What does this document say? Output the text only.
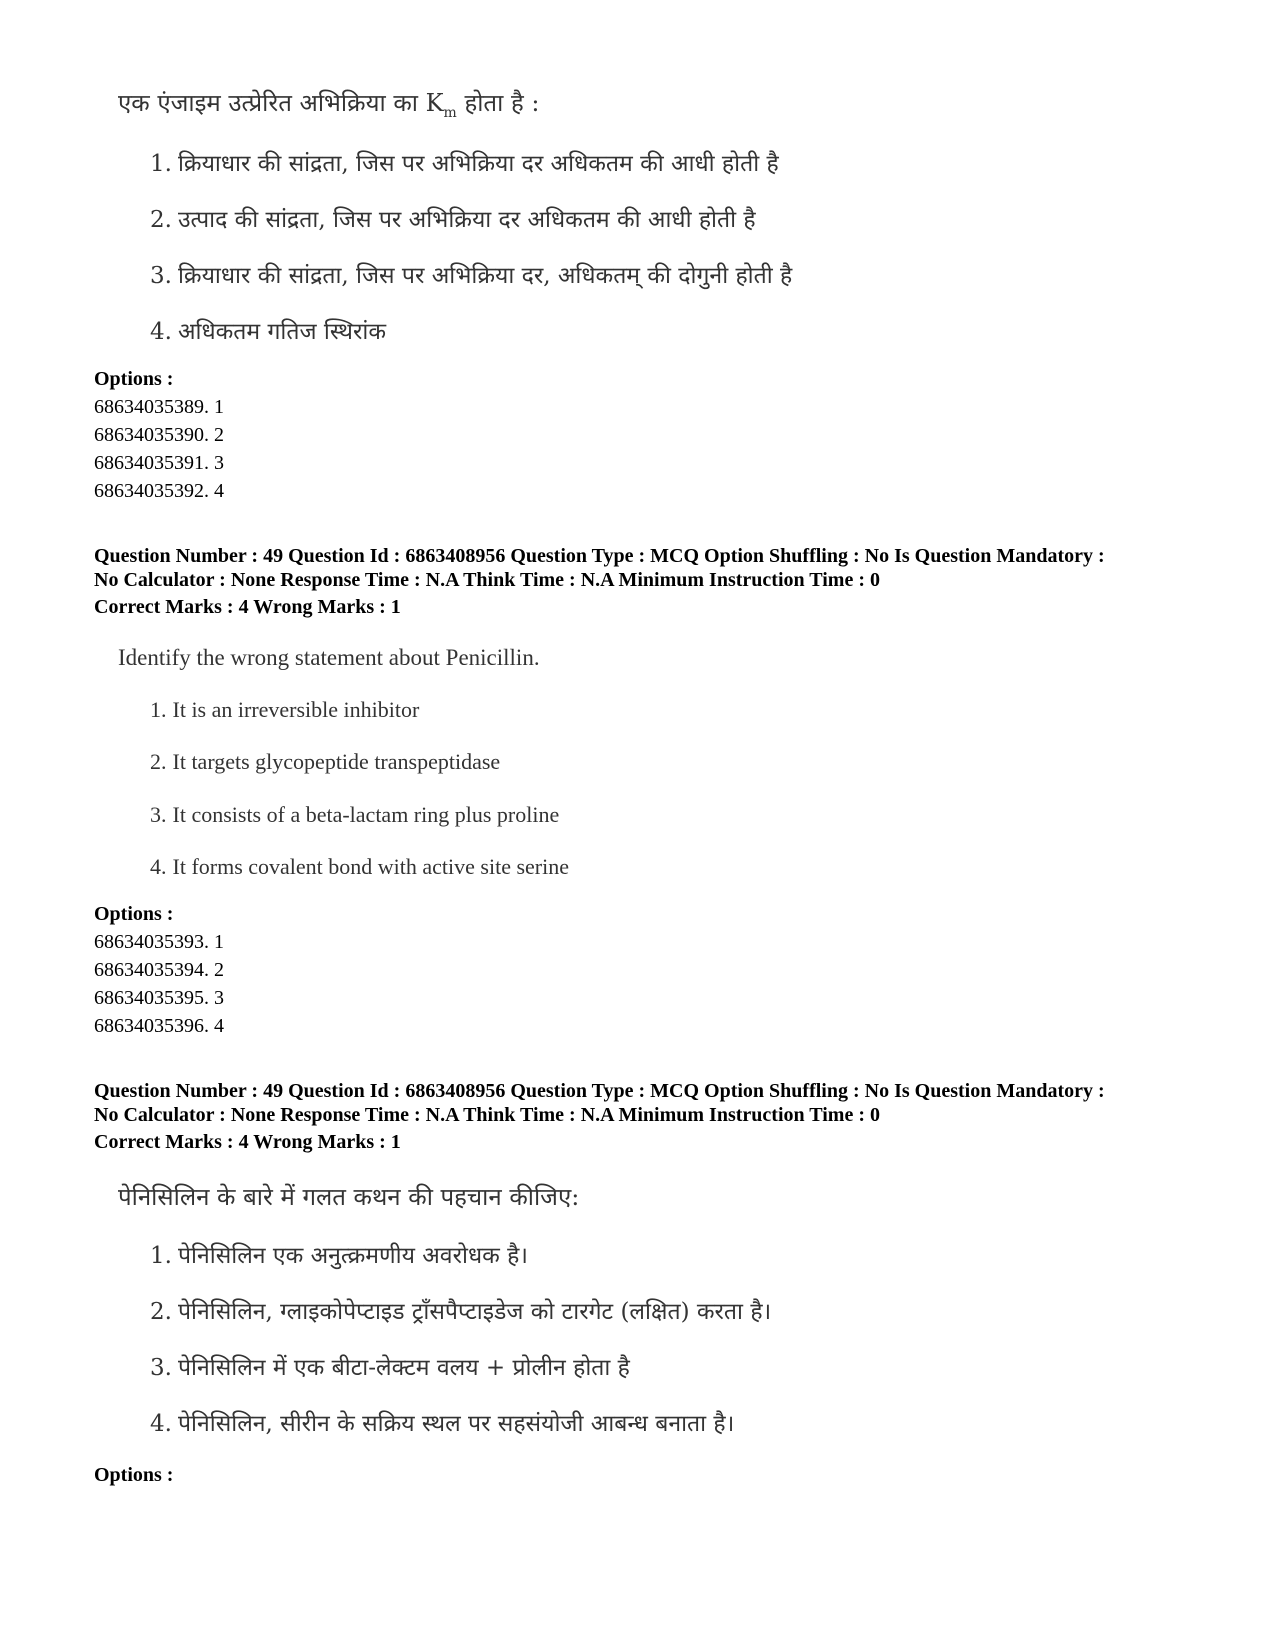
एक एंजाइम उत्प्रेरित अभिक्रिया का $K_m$ होता है :
1. क्रियाधार की सांद्रता, जिस पर अभिक्रिया दर अधिकतम की आधी होती है
2. उत्पाद की सांद्रता, जिस पर अभिक्रिया दर अधिकतम की आधी होती है
3. क्रियाधार की सांद्रता, जिस पर अभिक्रिया दर, अधिकतम् की दोगुनी होती है
4. अधिकतम गतिज स्थिरांक
Options :
68634035389. 1
68634035390. 2
68634035391. 3
68634035392. 4
Question Number : 49 Question Id : 6863408956 Question Type : MCQ Option Shuffling : No Is Question Mandatory :
No Calculator : None Response Time : N.A Think Time : N.A Minimum Instruction Time : 0
Correct Marks : 4 Wrong Marks : 1
Identify the wrong statement about Penicillin.
1. It is an irreversible inhibitor
2. It targets glycopeptide transpeptidase
3. It consists of a beta-lactam ring plus proline
4. It forms covalent bond with active site serine
Options :
68634035393. 1
68634035394. 2
68634035395. 3
68634035396. 4
Question Number : 49 Question Id : 6863408956 Question Type : MCQ Option Shuffling : No Is Question Mandatory :
No Calculator : None Response Time : N.A Think Time : N.A Minimum Instruction Time : 0
Correct Marks : 4 Wrong Marks : 1
पेनिसिलिन के बारे में गलत कथन की पहचान कीजिए:
1. पेनिसिलिन एक अनुत्क्रमणीय अवरोधक है।
2. पेनिसिलिन, ग्लाइकोपेप्टाइड ट्राँसपैप्टाइडेज को टारगेट (लक्षित) करता है।
3. पेनिसिलिन में एक बीटा-लेक्टम वलय + प्रोलीन होता है
4. पेनिसिलिन, सीरीन के सक्रिय स्थल पर सहसंयोजी आबन्ध बनाता है।
Options :
